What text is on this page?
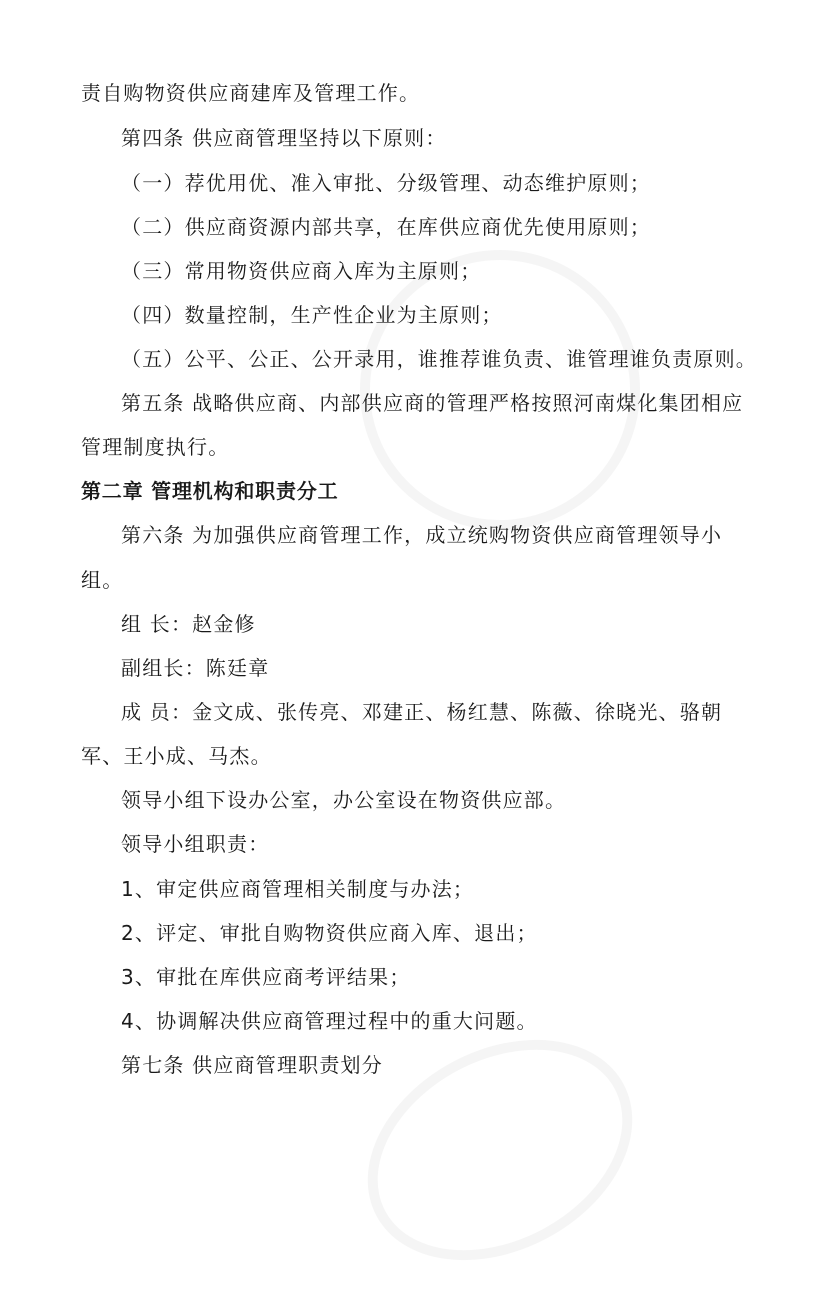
责自购物资供应商建库及管理工作。
第四条 供应商管理坚持以下原则：
（一）荐优用优、准入审批、分级管理、动态维护原则；
（二）供应商资源内部共享，在库供应商优先使用原则；
（三）常用物资供应商入库为主原则；
（四）数量控制，生产性企业为主原则；
（五）公平、公正、公开录用，谁推荐谁负责、谁管理谁负责原则。
第五条 战略供应商、内部供应商的管理严格按照河南煤化集团相应
管理制度执行。
第二章 管理机构和职责分工
第六条 为加强供应商管理工作，成立统购物资供应商管理领导小
组。
组 长：赵金修
副组长：陈廷章
成 员：金文成、张传亮、邓建正、杨红慧、陈薇、徐晓光、骆朝
军、王小成、马杰。
领导小组下设办公室，办公室设在物资供应部。
领导小组职责：
1、审定供应商管理相关制度与办法；
2、评定、审批自购物资供应商入库、退出；
3、审批在库供应商考评结果；
4、协调解决供应商管理过程中的重大问题。
第七条 供应商管理职责划分
